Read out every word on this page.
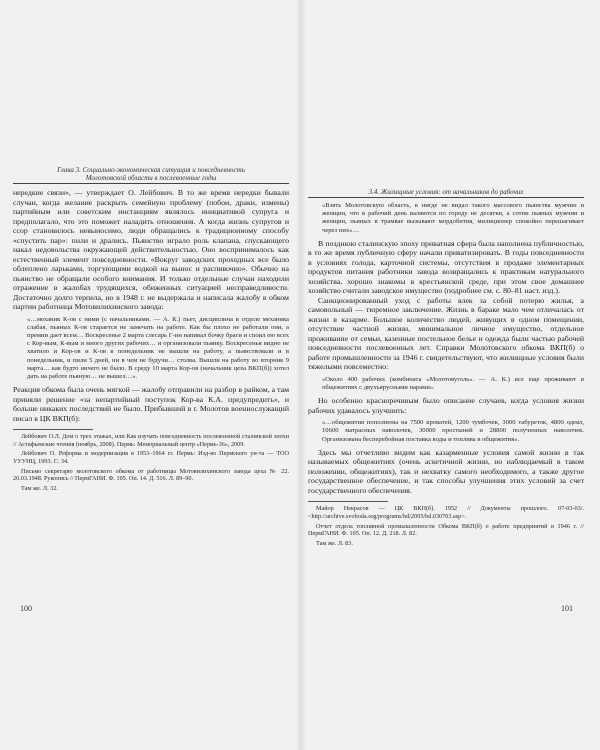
Глава 3. Социально-экономическая ситуация и повседневность
Молотовской области в послевоенные годы

нередкие связи», — утверждает О. Лейбович. В то же время нередки бывали случаи, когда желание раскрыть семейную проблему (побои, драки, измены) партийным или советским инстанциям являлось инициативой супруга и предполагало, что это поможет наладить отношения. А когда жизнь супругов и ссор становилось невыносимо, люди обращались к традиционному способу «спустить пар»: пили и дрались. Пьянство играло роль клапана, спускающего накал недовольства окружающей действительностью. Оно воспринималось как естественный элемент повседневности. «Вокруг заводских проходных все было облеплено ларьками, торгующими водкой на вынос и распивочно». Обычно на пьянство не обращали особого внимания. И только отдельные случаи находили отражение в жалобах трудящихся, обиженных ситуацией несправедливости. Достаточно долго терпела, но в 1948 г. не выдержала и написала жалобу в обком партии работница Мотовилихинского завода:

«…механик К-ов с ними (с начальниками. — А. К.) пьет, дисциплина в отделе механика слабая, пьяных К-ов старается не замечать на работе. Как бы плохо не работали они, а премии дает всем… Воскресенье 2 марта слесарь Г-ин напивал бочку браги и споил ею всех с Кор-вым, К-вым и много других рабочих… и организовали пьянку. Воскресенья видно не хватило и Кор-ов и К-ов в понедельник не вышли на работу, а пьянствовали и в понедельник, и пили 5 дней, ни в чем не будучи… столва. Вышли на работу во вторник 9 марта… как будто ничего не было. В среду 10 марта Кор-ов (начальник цеха ВКП(б)) хотел дать на работе пьяную… не вышел…».

Реакция обкома была очень мягкой — жалобу отправили на разбор в райком, а там приняли решение «за непартийный поступок Кор-ва К.А. предупредить», и больше никаких последствий не было. Прибывший в г. Молотов военнослужащий писал в ЦК ВКП(б):

Лейбович О.Л. Дом о трех этажах, или Как изучать повседневность послевоенной сталинской эпохи // Астафьевские чтения (ноябрь, 2008). Пермь: Мемориальный центр «Пермь-36», 2009.

Лейбович О. Реформа и модернизация в 1953–1964 гг. Пермь: Изд-во Пермского ун-та — ТОО УУУНЦ, 1993. С. 34.

Письмо секретарю молотовского обкома от работницы Мотовилихинского завода цеха № 22. 20.03.1948. Рукопись // ПермГАНИ. Ф. 105. Оп. 14. Д. 516. Л. 89–90.

Там же. Л. 32.

3.4. Жилищные условия: от начальников до рабочих

«Взять Молотовскую область, в нигде не видал такого массового пьянства мужчин и женщин, что в рабочий день валяются по городу не десятки, а сотни пьяных мужчин и женщин, пьяных в трамвае вызывают мордобития, милиционер спокойно перешагивает через них»…

В позднюю сталинскую эпоху приватная сфера была наполнена публичностью, в то же время публичную сферу начали приватизировать. В годы повседневности в условиях голода, карточной системы, отсутствия в продаже элементарных продуктов питания работники завода возвращались к практикам натурального хозяйства, хорошо знакомы в крестьянской среде, при этом свое домашнее хозяйство считали заводское имущество (подробнее см. с. 80–81 наст. изд.).

Санкционированный уход с работы влек за собой потерю жилья, а самовольный — тюремное заключение. Жизнь в бараке мало чем отличалась от жизни в казарме. Большое количество людей, живущих в одном помещении, отсутствие частной жизни, минимальное личное имущество, отдельное проживание от семьи, казенные постельное белье и одежда были частью рабочей повседневности послевоенных лет. Справки Молотовского обкома ВКП(б) о работе промышленности за 1946 г. свидетельствуют, что жилищные условия были тяжелыми повсеместно:

«Около 400 рабочих (комбината «Молотовуголь». — А. К.) все еще проживают в общежитиях с двухъярусными нарами».

Но особенно красноречивым было описание случаев, когда условия жизни рабочих удавалось улучшить:

«…общежития пополнены на 7500 кроватей, 1200 тумбочек, 3000 табуреток, 4800 одеял, 10600 матрасных наволочек, 30000 простыней и 28800 полученных наволочек. Организована бесперебойная поставка воды и топлива в общежития».

Здесь мы отчетливо видим как казарменные условия самой жизни в так называемых общежитиях (очень аскетичной жизни, но наблюдаемый в таком положении, общежитиях), так и нехватку самого необходимого, а также другое государственное обеспечение, и так способы улучшения этих условий за счет государственного обеспечения.

Майор Некрасов — ЦК ВКП(б). 1952 // Документы прошлого. 07-03-03/. <http://archive.svoboda.org/programs/hd/2005/hd.030703.asp>.

Отчет отдела топливной промышленности Обкома ВКП(б) о работе предприятий в 1946 г. // ПермГАНИ. Ф. 105. Оп. 12. Д. 218. Л. 82.

Там же. Л. 83.

100	101
